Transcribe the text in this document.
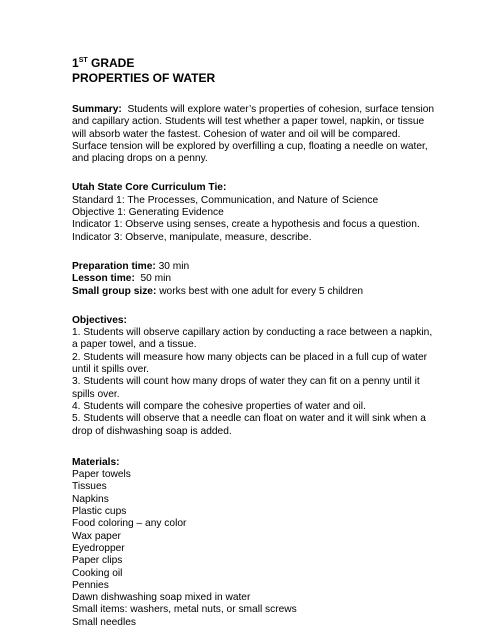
1ST GRADE
PROPERTIES OF WATER
Summary: Students will explore water’s properties of cohesion, surface tension
and capillary action. Students will test whether a paper towel, napkin, or tissue
will absorb water the fastest. Cohesion of water and oil will be compared.
Surface tension will be explored by overfilling a cup, floating a needle on water,
and placing drops on a penny.
Utah State Core Curriculum Tie:
Standard 1: The Processes, Communication, and Nature of Science
Objective 1: Generating Evidence
Indicator 1: Observe using senses, create a hypothesis and focus a question.
Indicator 3: Observe, manipulate, measure, describe.
Preparation time: 30 min
Lesson time: 50 min
Small group size: works best with one adult for every 5 children
Objectives:
1. Students will observe capillary action by conducting a race between a napkin,
a paper towel, and a tissue.
2. Students will measure how many objects can be placed in a full cup of water
until it spills over.
3. Students will count how many drops of water they can fit on a penny until it
spills over.
4. Students will compare the cohesive properties of water and oil.
5. Students will observe that a needle can float on water and it will sink when a
drop of dishwashing soap is added.
Materials:
Paper towels
Tissues
Napkins
Plastic cups
Food coloring – any color
Wax paper
Eyedropper
Paper clips
Cooking oil
Pennies
Dawn dishwashing soap mixed in water
Small items: washers, metal nuts, or small screws
Small needles
